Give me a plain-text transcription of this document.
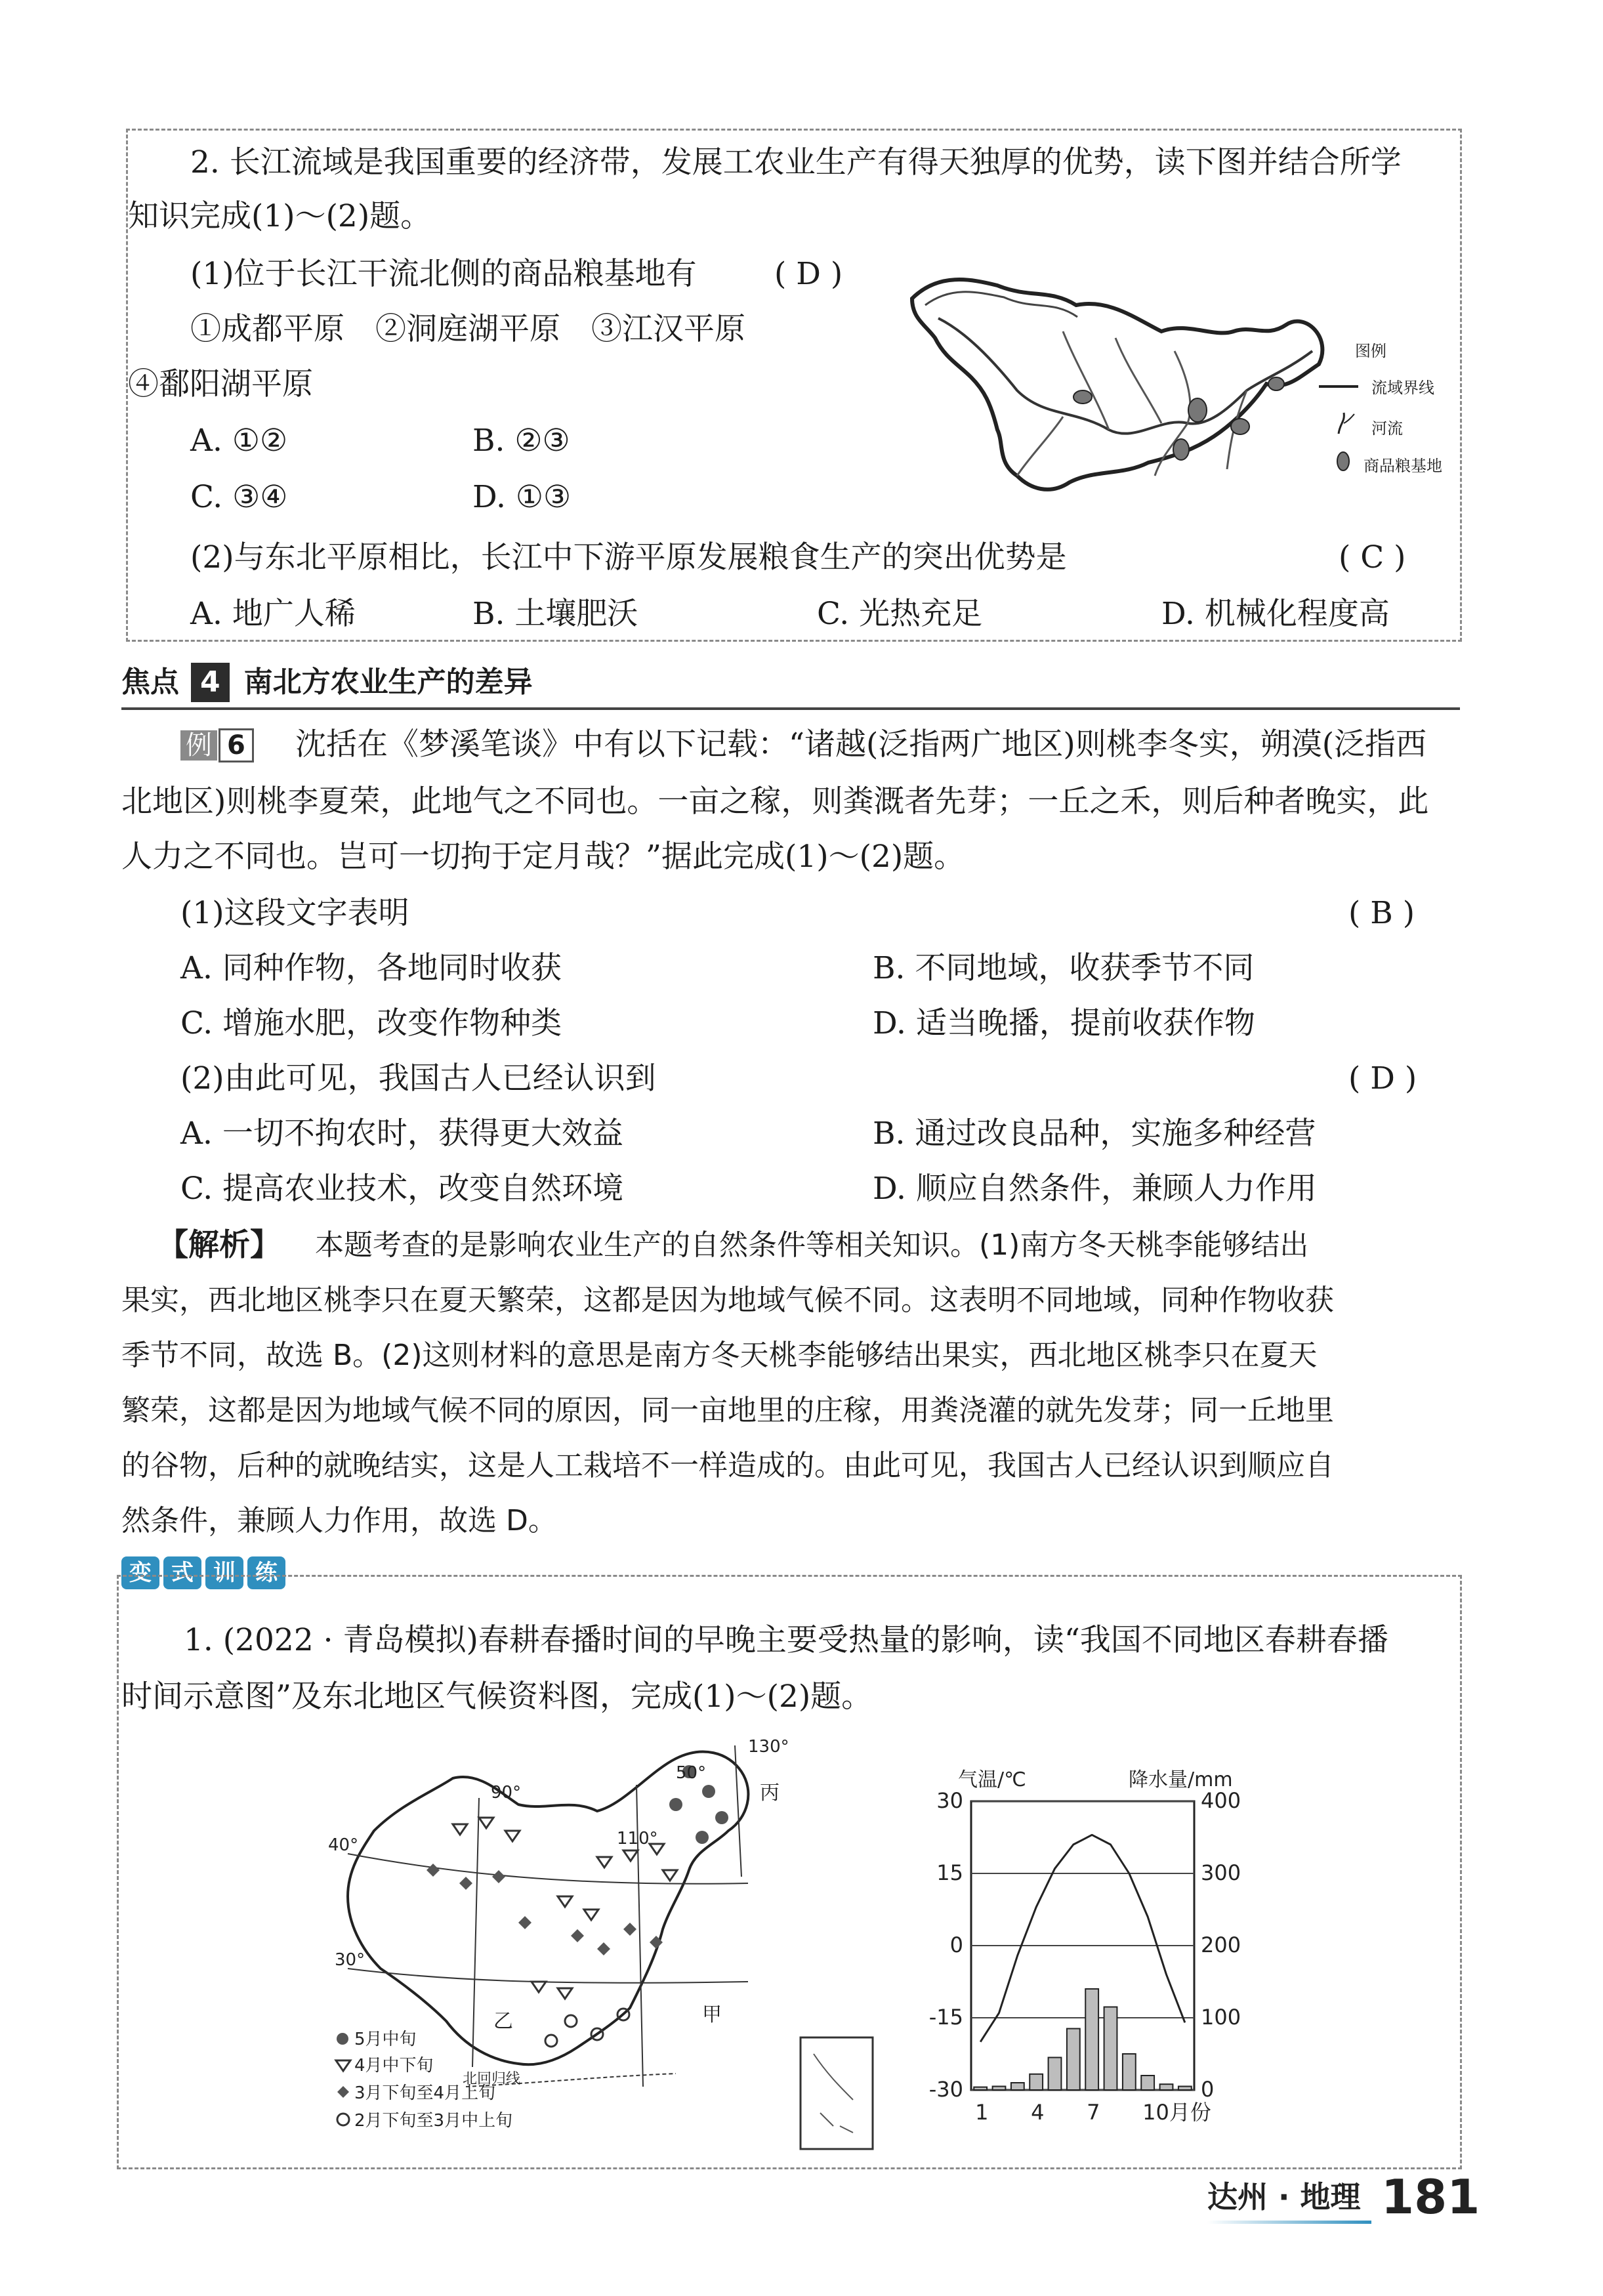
2. 长江流域是我国重要的经济带，发展工农业生产有得天独厚的优势，读下图并结合所学
知识完成(1)～(2)题。
(1)位于长江干流北侧的商品粮基地有	( D )
①成都平原　②洞庭湖平原　③江汉平原
④鄱阳湖平原
A. ①②	B. ②③
C. ③④	D. ①③
图例
流域界线
河流
商品粮基地
(2)与东北平原相比，长江中下游平原发展粮食生产的突出优势是	( C )
A. 地广人稀	B. 土壤肥沃	C. 光热充足	D. 机械化程度高
焦点 4 南北方农业生产的差异
例 6 沈括在《梦溪笔谈》中有以下记载：“诸越(泛指两广地区)则桃李冬实，朔漠(泛指西
北地区)则桃李夏荣，此地气之不同也。一亩之稼，则粪溉者先芽；一丘之禾，则后种者晚实，此
人力之不同也。岂可一切拘于定月哉？”据此完成(1)～(2)题。
(1)这段文字表明	( B )
A. 同种作物，各地同时收获	B. 不同地域，收获季节不同
C. 增施水肥，改变作物种类	D. 适当晚播，提前收获作物
(2)由此可见，我国古人已经认识到	( D )
A. 一切不拘农时，获得更大效益	B. 通过改良品种，实施多种经营
C. 提高农业技术，改变自然环境	D. 顺应自然条件，兼顾人力作用
【解析】 本题考查的是影响农业生产的自然条件等相关知识。(1)南方冬天桃李能够结出
果实，西北地区桃李只在夏天繁荣，这都是因为地域气候不同。这表明不同地域，同种作物收获
季节不同，故选 B。(2)这则材料的意思是南方冬天桃李能够结出果实，西北地区桃李只在夏天
繁荣，这都是因为地域气候不同的原因，同一亩地里的庄稼，用粪浇灌的就先发芽；同一丘地里
的谷物，后种的就晚结实，这是人工栽培不一样造成的。由此可见，我国古人已经认识到顺应自
然条件，兼顾人力作用，故选 D。
变 式 训 练
1. (2022 · 青岛模拟)春耕春播时间的早晚主要受热量的影响，读“我国不同地区春耕春播
时间示意图”及东北地区气候资料图，完成(1)～(2)题。
90°
110°
130°
40°
50°
30°
北回归线
丙
乙	甲
5月中旬
4月中下旬
3月下旬至4月上旬
2月下旬至3月中上旬
气温/℃	降水量/mm
30	400
15	300
0	200
-15	100
-30	0
1 4 7 10月份
达州 · 地理 181
